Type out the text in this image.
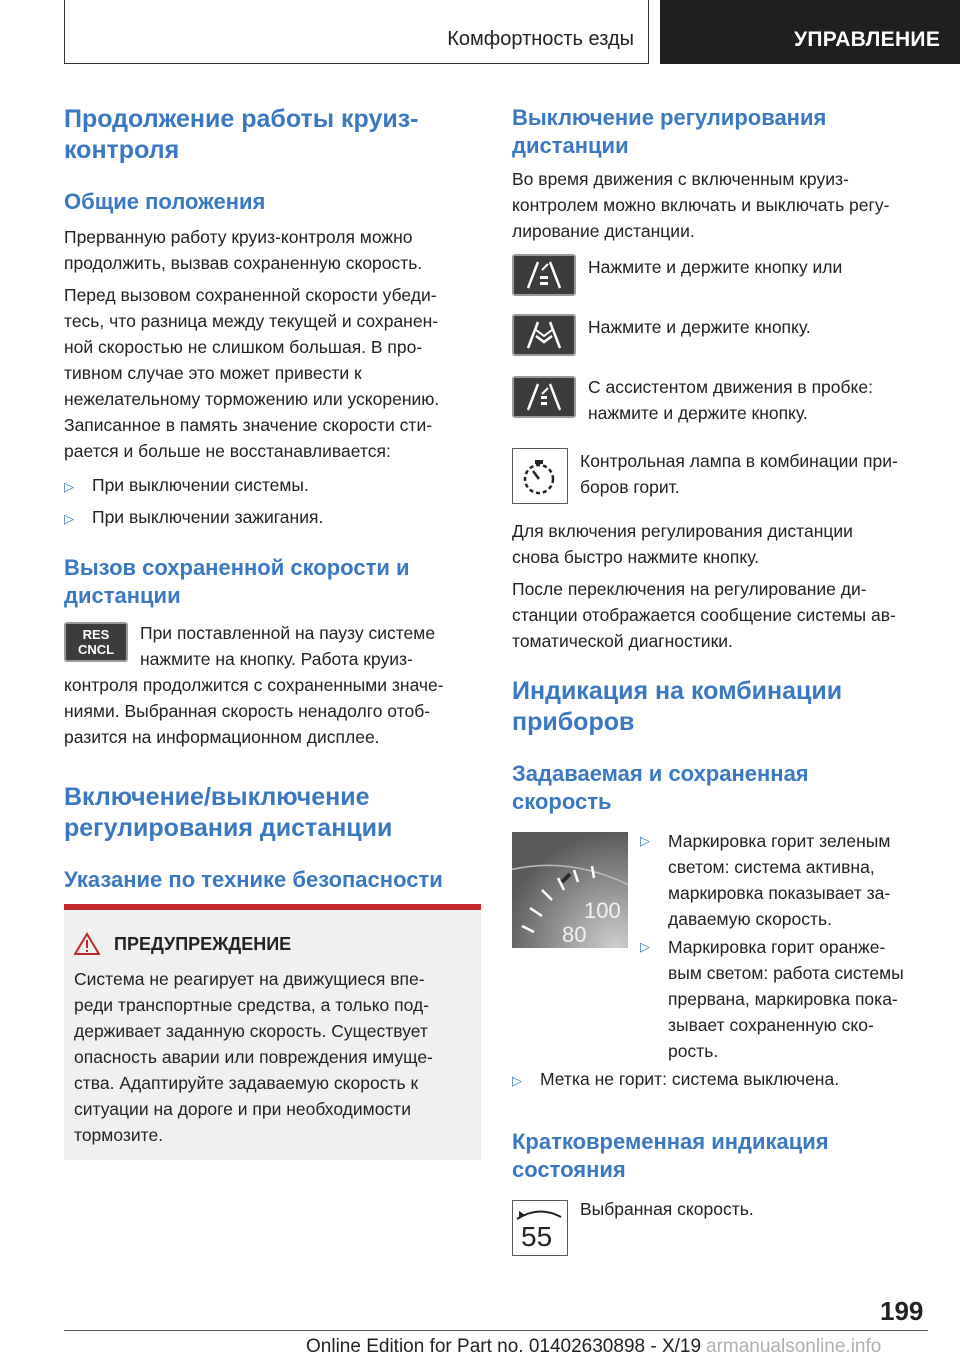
Комфортность езды	УПРАВЛЕНИЕ
Продолжение работы круиз-
контроля
Общие положения
Прерванную работу круиз-контроля можно
продолжить, вызвав сохраненную скорость.
Перед вызовом сохраненной скорости убеди-
тесь, что разница между текущей и сохранен-
ной скоростью не слишком большая. В про-
тивном случае это может привести к
нежелательному торможению или ускорению.
Записанное в память значение скорости сти-
рается и больше не восстанавливается:
▷ При выключении системы.
▷ При выключении зажигания.
Вызов сохраненной скорости и
дистанции
RES
CNCL
При поставленной на паузу системе
нажмите на кнопку. Работа круиз-
контроля продолжится с сохраненными значе-
ниями. Выбранная скорость ненадолго отоб-
разится на информационном дисплее.
Включение/выключение
регулирования дистанции
Указание по технике безопасности
ПРЕДУПРЕЖДЕНИЕ
Система не реагирует на движущиеся впе-
реди транспортные средства, а только под-
держивает заданную скорость. Существует
опасность аварии или повреждения имуще-
ства. Адаптируйте задаваемую скорость к
ситуации на дороге и при необходимости
тормозите.
Выключение регулирования
дистанции
Во время движения с включенным круиз-
контролем можно включать и выключать регу-
лирование дистанции.
Нажмите и держите кнопку или
Нажмите и держите кнопку.
С ассистентом движения в пробке:
нажмите и держите кнопку.
Контрольная лампа в комбинации при-
боров горит.
Для включения регулирования дистанции
снова быстро нажмите кнопку.
После переключения на регулирование ди-
станции отображается сообщение системы ав-
томатической диагностики.
Индикация на комбинации
приборов
Задаваемая и сохраненная
скорость
100
80
▷	Маркировка горит зеленым
светом: система активна,
маркировка показывает за-
даваемую скорость.
▷	Маркировка горит оранже-
вым светом: работа системы
прервана, маркировка пока-
зывает сохраненную ско-
рость.
▷ Метка не горит: система выключена.
Кратковременная индикация
состояния
55
Выбранная скорость.
199
Online Edition for Part no. 01402630898 - X/19 armanualsonline.info
